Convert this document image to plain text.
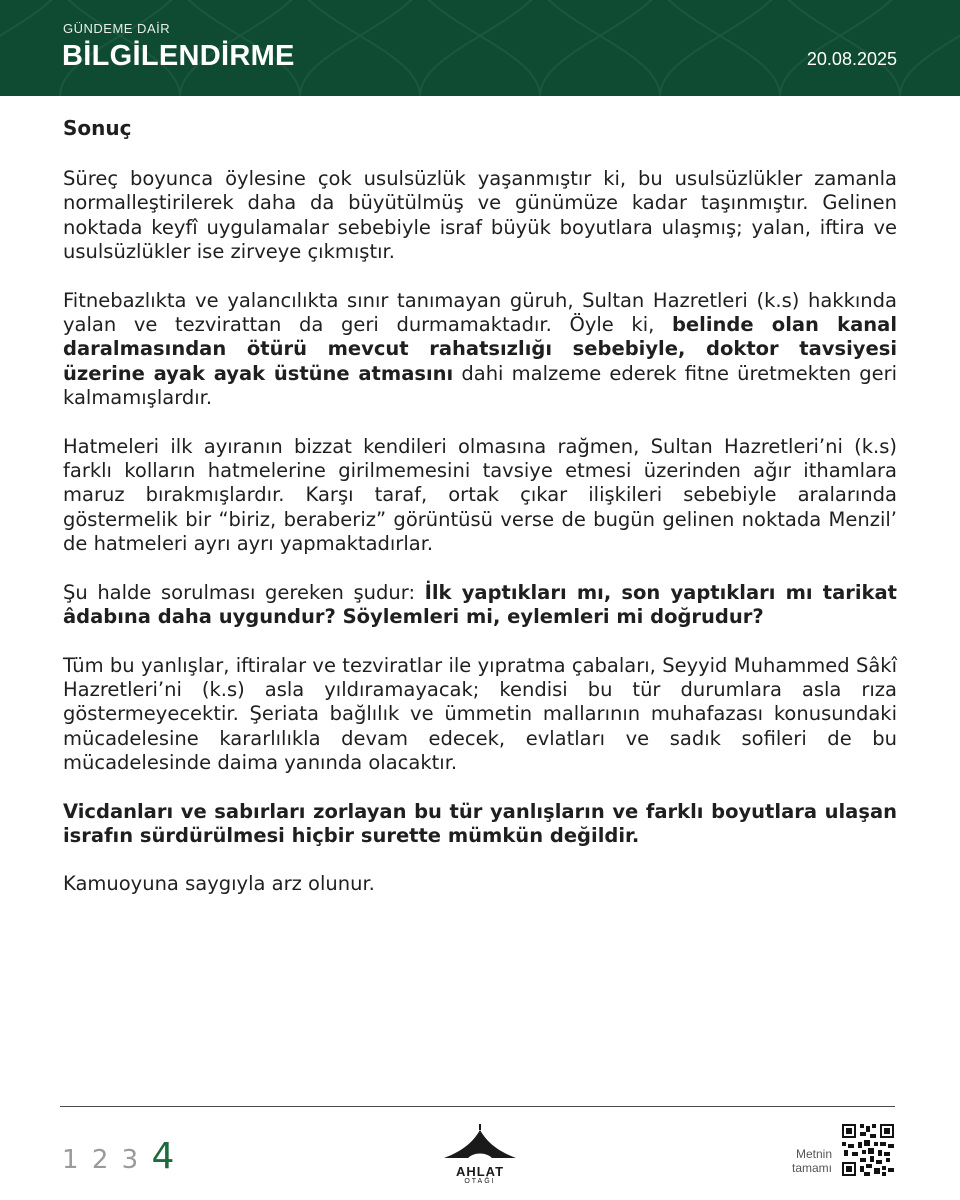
GÜNDEME DAİR
BİLGİLENDİRME	20.08.2025
Sonuç

Süreç boyunca öylesine çok usulsüzlük yaşanmıştır ki, bu usulsüzlükler zamanla normalleştirilerek daha da büyütülmüş ve günümüze kadar taşınmıştır. Gelinen noktada keyfî uygulamalar sebebiyle israf büyük boyutlara ulaşmış; yalan, iftira ve usulsüzlükler ise zirveye çıkmıştır.

Fitnebazlıkta ve yalancılıkta sınır tanımayan güruh, Sultan Hazretleri (k.s) hakkında yalan ve tezvirattan da geri durmamaktadır. Öyle ki, belinde olan kanal daralmasından ötürü mevcut rahatsızlığı sebebiyle, doktor tavsiyesi üzerine ayak ayak üstüne atmasını dahi malzeme ederek fitne üretmekten geri kalmamışlardır.

Hatmeleri ilk ayıranın bizzat kendileri olmasına rağmen, Sultan Hazretleri’ni (k.s) farklı kolların hatmelerine girilmemesini tavsiye etmesi üzerinden ağır ithamlara maruz bırakmışlardır. Karşı taraf, ortak çıkar ilişkileri sebebiyle aralarında göstermelik bir “biriz, beraberiz” görüntüsü verse de bugün gelinen noktada Menzil’ de hatmeleri ayrı ayrı yapmaktadırlar.

Şu halde sorulması gereken şudur: İlk yaptıkları mı, son yaptıkları mı tarikat âdabına daha uygundur? Söylemleri mi, eylemleri mi doğrudur?

Tüm bu yanlışlar, iftiralar ve tezviratlar ile yıpratma çabaları, Seyyid Muhammed Sâkî Hazretleri’ni (k.s) asla yıldıramayacak; kendisi bu tür durumlara asla rıza göstermeyecektir. Şeriata bağlılık ve ümmetin mallarının muhafazası konusundaki mücadelesine kararlılıkla devam edecek, evlatları ve sadık sofileri de bu mücadelesinde daima yanında olacaktır.

Vicdanları ve sabırları zorlayan bu tür yanlışların ve farklı boyutlara ulaşan israfın sürdürülmesi hiçbir surette mümkün değildir.

Kamuoyuna saygıyla arz olunur.

1 2 3 4	AHLAT
OTAĞI
Metnin
tamamı
